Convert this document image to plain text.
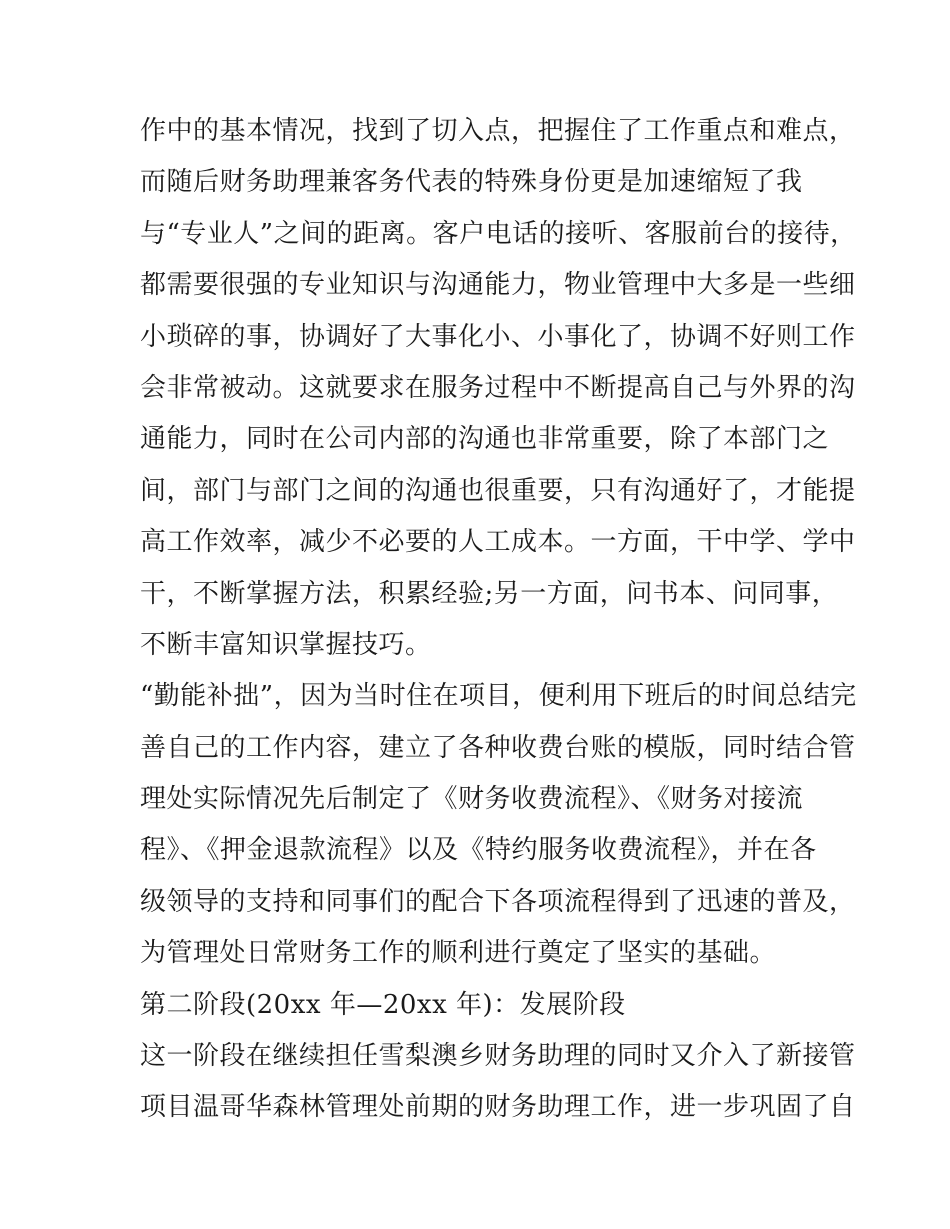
作中的基本情况，找到了切入点，把握住了工作重点和难点，
而随后财务助理兼客务代表的特殊身份更是加速缩短了我
与“专业人”之间的距离。客户电话的接听、客服前台的接待，
都需要很强的专业知识与沟通能力，物业管理中大多是一些细
小琐碎的事，协调好了大事化小、小事化了，协调不好则工作
会非常被动。这就要求在服务过程中不断提高自己与外界的沟
通能力，同时在公司内部的沟通也非常重要，除了本部门之
间，部门与部门之间的沟通也很重要，只有沟通好了，才能提
高工作效率，减少不必要的人工成本。一方面，干中学、学中
干，不断掌握方法，积累经验;另一方面，问书本、问同事，
不断丰富知识掌握技巧。
“勤能补拙”，因为当时住在项目，便利用下班后的时间总结完
善自己的工作内容，建立了各种收费台账的模版，同时结合管
理处实际情况先后制定了《财务收费流程》、《财务对接流
程》、《押金退款流程》以及《特约服务收费流程》，并在各
级领导的支持和同事们的配合下各项流程得到了迅速的普及，
为管理处日常财务工作的顺利进行奠定了坚实的基础。
第二阶段(20xx 年—20xx 年)：发展阶段
这一阶段在继续担任雪梨澳乡财务助理的同时又介入了新接管
项目温哥华森林管理处前期的财务助理工作，进一步巩固了自
